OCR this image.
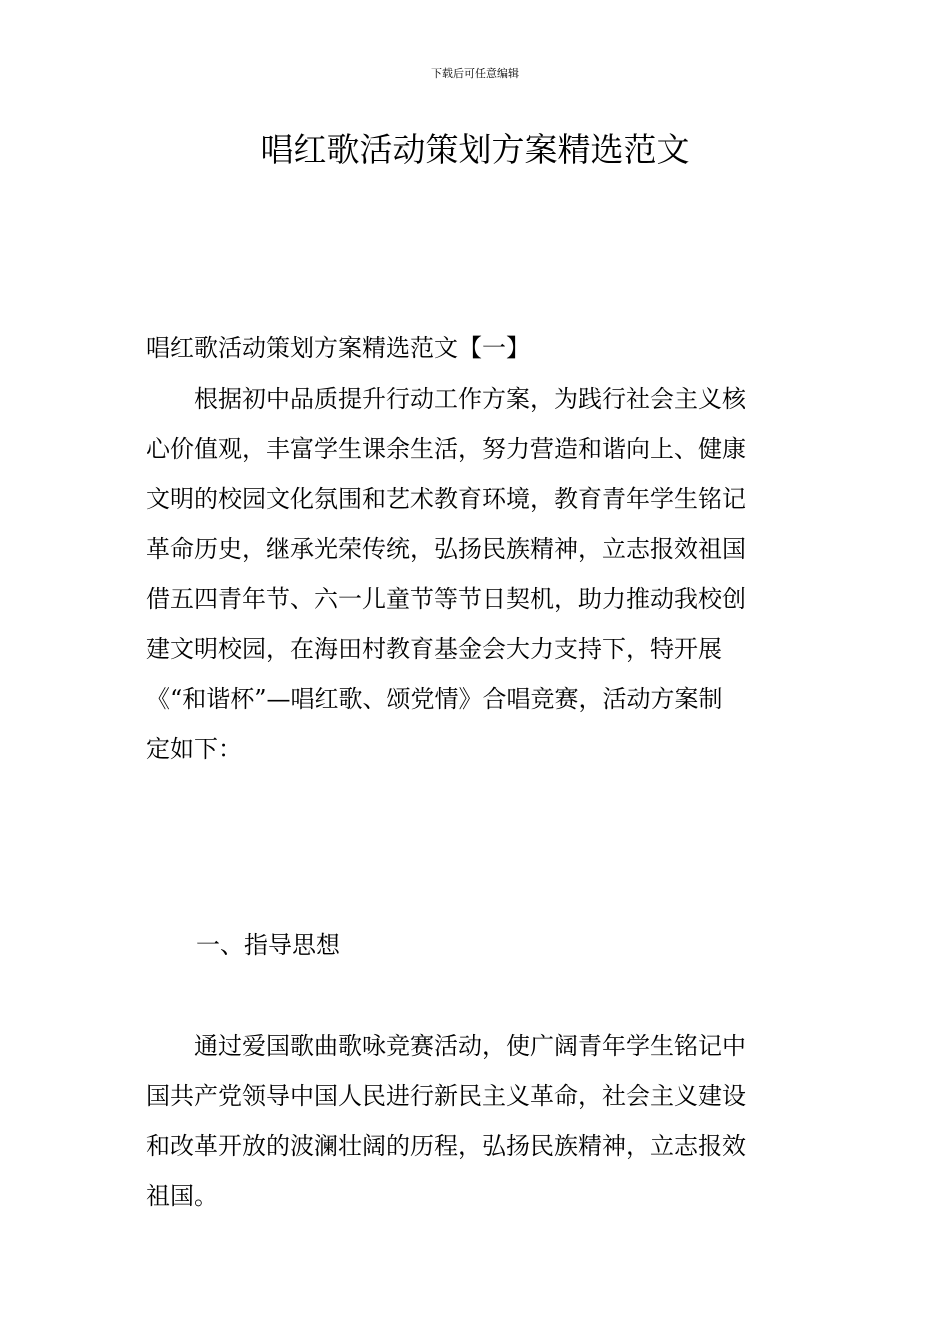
下载后可任意编辑
唱红歌活动策划方案精选范文
唱红歌活动策划方案精选范文【一】
　　根据初中品质提升行动工作方案，为践行社会主义核
心价值观，丰富学生课余生活，努力营造和谐向上、健康
文明的校园文化氛围和艺术教育环境，教育青年学生铭记
革命历史，继承光荣传统，弘扬民族精神，立志报效祖国
借五四青年节、六一儿童节等节日契机，助力推动我校创
建文明校园，在海田村教育基金会大力支持下，特开展
《“和谐杯”—唱红歌、颂党情》合唱竞赛，活动方案制
定如下：
一、指导思想
　　通过爱国歌曲歌咏竞赛活动，使广阔青年学生铭记中
国共产党领导中国人民进行新民主义革命，社会主义建设
和改革开放的波澜壮阔的历程，弘扬民族精神，立志报效
祖国。
